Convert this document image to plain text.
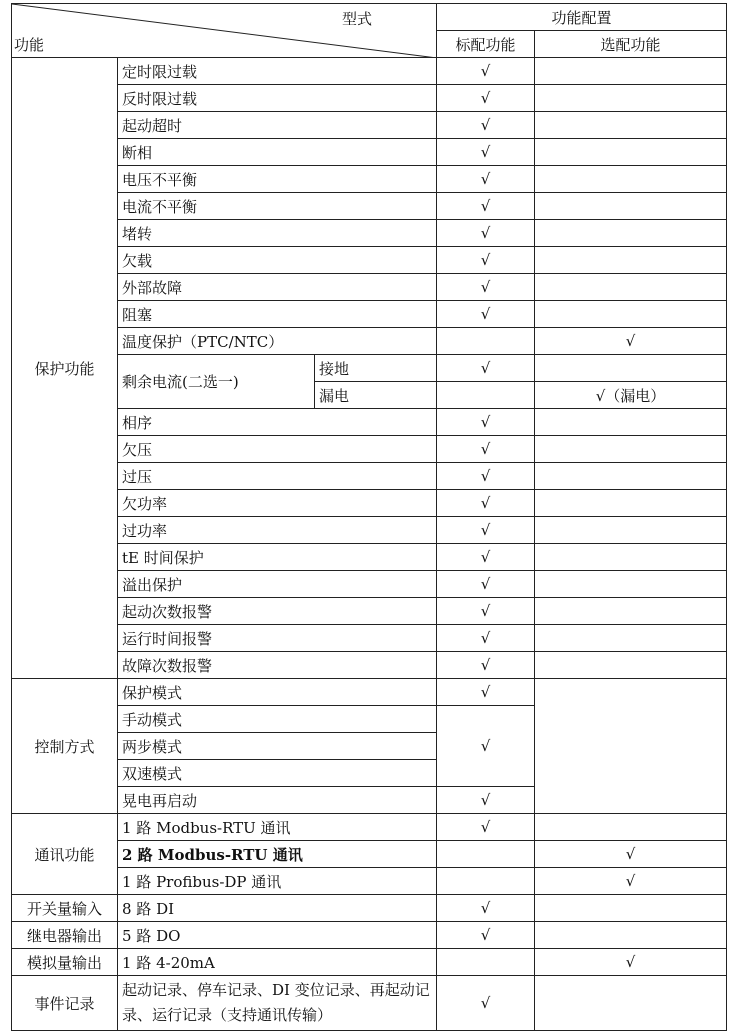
型式
功能			功能配置	
			标配功能	选配功能
保护功能	定时限过载		√	
	反时限过载		√	
	起动超时		√	
	断相		√	
	电压不平衡		√	
	电流不平衡		√	
	堵转		√	
	欠载		√	
	外部故障		√	
	阻塞		√	
	温度保护（PTC/NTC）			√
	剩余电流(二选一)	接地	√	
		漏电		√（漏电）
	相序		√	
	欠压		√	
	过压		√	
	欠功率		√	
	过功率		√	
	tE 时间保护		√	
	溢出保护		√	
	起动次数报警		√	
	运行时间报警		√	
	故障次数报警		√	
控制方式	保护模式		√	
	手动模式		√	
	两步模式			
	双速模式			
	晃电再启动		√	
通讯功能	1 路 Modbus-RTU 通讯		√	
	2 路 Modbus-RTU 通讯			√
	1 路 Profibus-DP 通讯			√
开关量输入	8 路 DI		√	
继电器输出	5 路 DO		√	
模拟量输出	1 路 4-20mA			√
事件记录	起动记录、停车记录、DI 变位记录、再起动记录、运行记录（支持通讯传输）		√	
